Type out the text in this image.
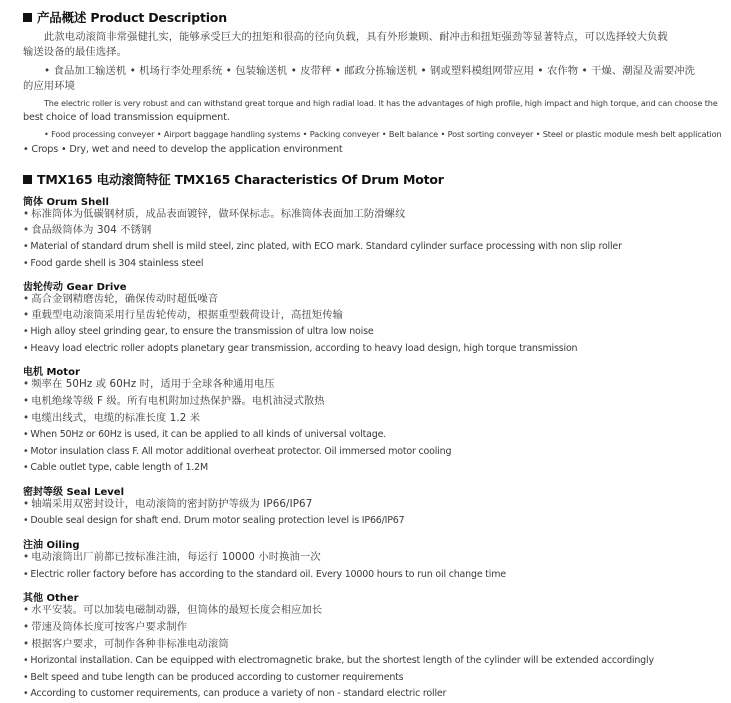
产品概述 Product Description
此款电动滚筒非常强健扎实，能够承受巨大的扭矩和很高的径向负载，具有外形兼顾、耐冲击和扭矩强劲等显著特点，可以选择较大负载
输送设备的最佳选择。
• 食品加工输送机 • 机场行李处理系统 • 包装输送机 • 皮带秤 • 邮政分拣输送机 • 钢或塑料模组网带应用 • 农作物 • 干燥、潮湿及需要冲洗
的应用环境
The electric roller is very robust and can withstand great torque and high radial load. It has the advantages of high profile, high impact and high torque, and can choose the
best choice of load transmission equipment.
• Food processing conveyer • Airport baggage handling systems • Packing conveyer • Belt balance • Post sorting conveyer • Steel or plastic module mesh belt application
• Crops • Dry, wet and need to develop the application environment
TMX165 电动滚筒特征 TMX165 Characteristics Of Drum Motor
筒体 Orum Shell
• 标准筒体为低碳钢材质，成品表面镀锌，做环保标志。标准筒体表面加工防滑螺纹
• 食品级筒体为 304 不锈钢
• Material of standard drum shell is mild steel, zinc plated, with ECO mark. Standard cylinder surface processing with non slip roller
• Food garde shell is 304 stainless steel
齿轮传动 Gear Drive
• 高合金钢精磨齿轮，确保传动时超低噪音
• 重载型电动滚筒采用行星齿轮传动，根据重型载荷设计，高扭矩传输
• High alloy steel grinding gear, to ensure the transmission of ultra low noise
• Heavy load electric roller adopts planetary gear transmission, according to heavy load design, high torque transmission
电机 Motor
• 频率在 50Hz 或 60Hz 时，适用于全球各种通用电压
• 电机绝缘等级 F 级。所有电机附加过热保护器。电机油浸式散热
• 电缆出线式，电缆的标准长度 1.2 米
• When 50Hz or 60Hz is used, it can be applied to all kinds of universal voltage.
• Motor insulation class F. All motor additional overheat protector. Oil immersed motor cooling
• Cable outlet type, cable length of 1.2M
密封等级 Seal Level
• 轴端采用双密封设计，电动滚筒的密封防护等级为 IP66/IP67
• Double seal design for shaft end. Drum motor sealing protection level is IP66/IP67
注油 Oiling
• 电动滚筒出厂前都已按标准注油，每运行 10000 小时换油一次
• Electric roller factory before has according to the standard oil. Every 10000 hours to run oil change time
其他 Other
• 水平安装。可以加装电磁制动器，但筒体的最短长度会相应加长
• 带速及筒体长度可按客户要求制作
• 根据客户要求，可制作各种非标准电动滚筒
• Horizontal installation. Can be equipped with electromagnetic brake, but the shortest length of the cylinder will be extended accordingly
• Belt speed and tube length can be produced according to customer requirements
• According to customer requirements, can produce a variety of non - standard electric roller
